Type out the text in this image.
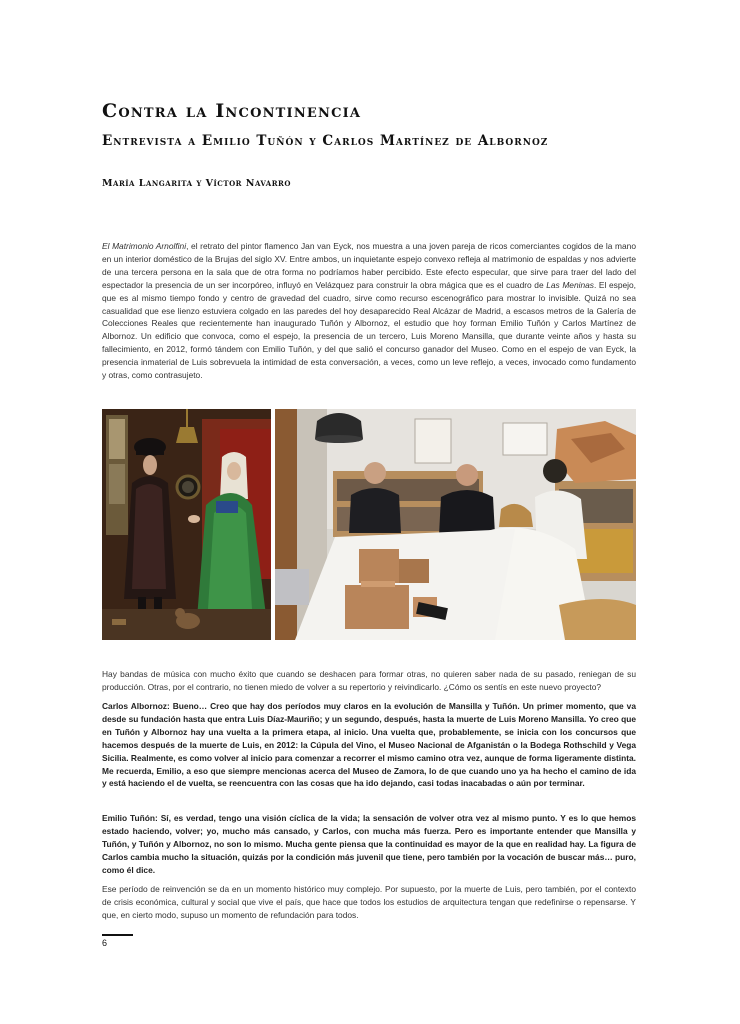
Contra la Incontinencia
Entrevista a Emilio Tuñón y Carlos Martínez de Albornoz

María Langarita y Víctor Navarro

El Matrimonio Arnolfini, el retrato del pintor flamenco Jan van Eyck, nos muestra a una joven pareja de ricos comerciantes cogidos de la mano en un interior doméstico de la Brujas del siglo XV. Entre ambos, un inquietante espejo convexo refleja al matrimonio de espaldas y nos advierte de una tercera persona en la sala que de otra forma no podríamos haber percibido. Este efecto especular, que sirve para traer del lado del espectador la presencia de un ser incorpóreo, influyó en Velázquez para construir la obra mágica que es el cuadro de Las Meninas. El espejo, que es al mismo tiempo fondo y centro de gravedad del cuadro, sirve como recurso escenográfico para mostrar lo invisible. Quizá no sea casualidad que ese lienzo estuviera colgado en las paredes del hoy desaparecido Real Alcázar de Madrid, a escasos metros de la Galería de Colecciones Reales que recientemente han inaugurado Tuñón y Albornoz, el estudio que hoy forman Emilio Tuñón y Carlos Martínez de Albornoz. Un edificio que convoca, como el espejo, la presencia de un tercero, Luis Moreno Mansilla, que durante veinte años y hasta su fallecimiento, en 2012, formó tándem con Emilio Tuñón, y del que salió el concurso ganador del Museo. Como en el espejo de van Eyck, la presencia inmaterial de Luis sobrevuela la intimidad de esta conversación, a veces, como un leve reflejo, a veces, invocado como fundamento y otras, como contrasujeto.

Hay bandas de música con mucho éxito que cuando se deshacen para formar otras, no quieren saber nada de su pasado, reniegan de su producción. Otras, por el contrario, no tienen miedo de volver a su repertorio y reivindicarlo. ¿Cómo os sentís en este nuevo proyecto?

Carlos Albornoz: Bueno… Creo que hay dos períodos muy claros en la evolución de Mansilla y Tuñón. Un primer momento, que va desde su fundación hasta que entra Luis Díaz-Mauriño; y un segundo, después, hasta la muerte de Luis Moreno Mansilla. Yo creo que en Tuñón y Albornoz hay una vuelta a la primera etapa, al inicio. Una vuelta que, probablemente, se inicia con los concursos que hacemos después de la muerte de Luis, en 2012: la Cúpula del Vino, el Museo Nacional de Afganistán o la Bodega Rothschild y Vega Sicilia. Realmente, es como volver al inicio para comenzar a recorrer el mismo camino otra vez, aunque de forma ligeramente distinta. Me recuerda, Emilio, a eso que siempre mencionas acerca del Museo de Zamora, lo de que cuando uno ya ha hecho el camino de ida y está haciendo el de vuelta, se reencuentra con las cosas que ha ido dejando, casi todas inacabadas o aún por terminar.

Emilio Tuñón: Sí, es verdad, tengo una visión cíclica de la vida; la sensación de volver otra vez al mismo punto. Y es lo que hemos estado haciendo, volver; yo, mucho más cansado, y Carlos, con mucha más fuerza. Pero es importante entender que Mansilla y Tuñón, y Tuñón y Albornoz, no son lo mismo. Mucha gente piensa que la continuidad es mayor de la que en realidad hay. La figura de Carlos cambia mucho la situación, quizás por la condición más juvenil que tiene, pero también por la vocación de buscar más… puro, como él dice.

Ese período de reinvención se da en un momento histórico muy complejo. Por supuesto, por la muerte de Luis, pero también, por el contexto de crisis económica, cultural y social que vive el país, que hace que todos los estudios de arquitectura tengan que redefinirse o repensarse. Y que, en cierto modo, supuso un momento de refundación para todos.

6
